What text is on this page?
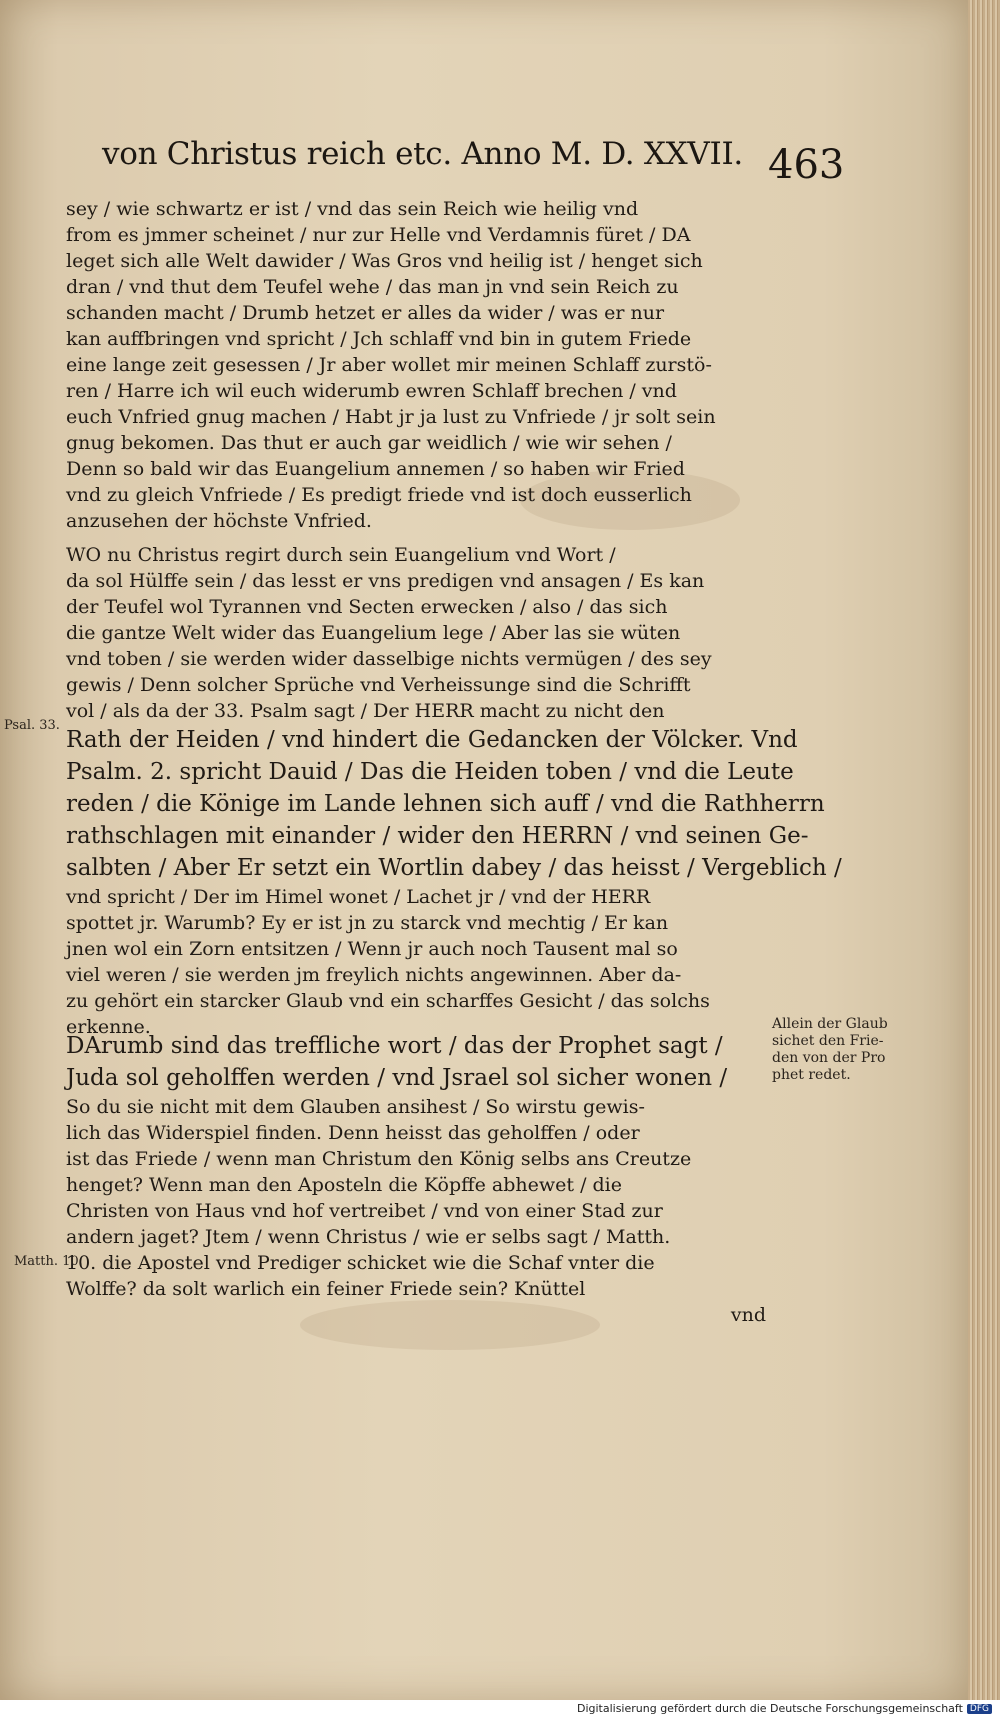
von Christus reich etc. Anno M. D. XXVII. 463
sey / wie schwartz er ist / vnd das sein Reich wie heilig vnd
from es jmmer scheinet / nur zur Helle vnd Verdamnis füret / DA
leget sich alle Welt dawider / Was Gros vnd heilig ist / henget sich
dran / vnd thut dem Teufel wehe / das man jn vnd sein Reich zu
schanden macht / Drumb hetzet er alles da wider / was er nur
kan auffbringen vnd spricht / Jch schlaff vnd bin in gutem Friede
eine lange zeit gesessen / Jr aber wollet mir meinen Schlaff zurstö-
ren / Harre ich wil euch widerumb ewren Schlaff brechen / vnd
euch Vnfried gnug machen / Habt jr ja lust zu Vnfriede / jr solt sein
gnug bekomen. Das thut er auch gar weidlich / wie wir sehen /
Denn so bald wir das Euangelium annemen / so haben wir Fried
vnd zu gleich Vnfriede / Es predigt friede vnd ist doch eusserlich
anzusehen der höchste Vnfried.
WO nu Christus regirt durch sein Euangelium vnd Wort /
da sol Hülffe sein / das lesst er vns predigen vnd ansagen / Es kan
der Teufel wol Tyrannen vnd Secten erwecken / also / das sich
die gantze Welt wider das Euangelium lege / Aber las sie wüten
vnd toben / sie werden wider dasselbige nichts vermügen / des sey
gewis / Denn solcher Sprüche vnd Verheissunge sind die Schrifft
vol / als da der 33. Psalm sagt / Der HERR macht zu nicht den
Rath der Heiden / vnd hindert die Gedancken der Völcker. Vnd
Psalm. 2. spricht Dauid / Das die Heiden toben / vnd die Leute
reden / die Könige im Lande lehnen sich auff / vnd die Rathherrn
rathschlagen mit einander / wider den HERRN / vnd seinen Ge-
salbten / Aber Er setzt ein Wortlin dabey / das heisst / Vergeblich /
vnd spricht / Der im Himel wonet / Lachet jr / vnd der HERR
spottet jr. Warumb? Ey er ist jn zu starck vnd mechtig / Er kan
jnen wol ein Zorn entsitzen / Wenn jr auch noch Tausent mal so
viel weren / sie werden jm freylich nichts angewinnen. Aber da-
zu gehört ein starcker Glaub vnd ein scharffes Gesicht / das solchs
erkenne.
DArumb sind das treffliche wort / das der Prophet sagt /
Juda sol geholffen werden / vnd Jsrael sol sicher wonen /
So du sie nicht mit dem Glauben ansihest / So wirstu gewis-
lich das Widerspiel finden. Denn heisst das geholffen / oder
ist das Friede / wenn man Christum den König selbs ans Creutze
henget? Wenn man den Aposteln die Köpffe abhewet / die
Christen von Haus vnd hof vertreibet / vnd von einer Stad zur
andern jaget? Jtem / wenn Christus / wie er selbs sagt / Matth.
10. die Apostel vnd Prediger schicket wie die Schaf vnter die
Wolffe? da solt warlich ein feiner Friede sein? Knüttel
vnd
Psal. 33.
Matth. 10.
Allein der Glaub
sichet den Frie-
den von der Pro
phet redet.
Digitalisierung gefördert durch die Deutsche Forschungsgemeinschaft DFG
